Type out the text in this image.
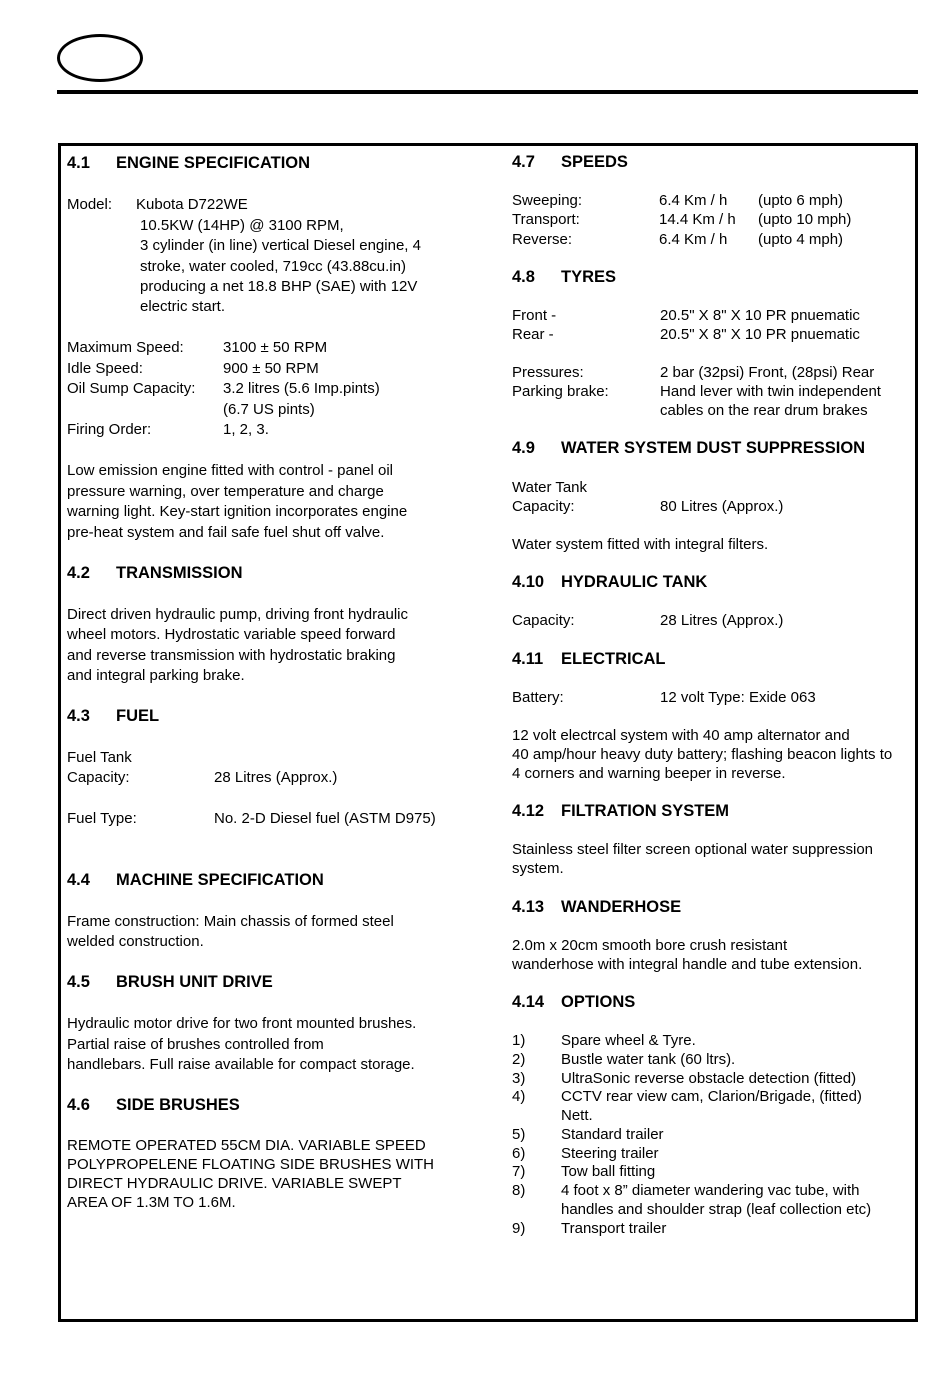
4.1 ENGINE SPECIFICATION
Model: Kubota D722WE
10.5KW (14HP) @ 3100 RPM,
3 cylinder (in line) vertical Diesel engine, 4
stroke, water cooled, 719cc (43.88cu.in)
producing a net 18.8 BHP (SAE) with 12V
electric start.
Maximum Speed:	3100 ± 50 RPM
Idle Speed:	900 ± 50 RPM
Oil Sump Capacity: 3.2 litres (5.6 Imp.pints)
(6.7 US pints)
Firing Order:	1, 2, 3.
Low emission engine fitted with control - panel oil
pressure warning, over temperature and charge
warning light. Key-start ignition incorporates engine
pre-heat system and fail safe fuel shut off valve.
4.2 TRANSMISSION
Direct driven hydraulic pump, driving front hydraulic
wheel motors. Hydrostatic variable speed forward
and reverse transmission with hydrostatic braking
and integral parking brake.
4.3 FUEL
Fuel Tank
Capacity:	28 Litres (Approx.)
Fuel Type:	No. 2-D Diesel fuel (ASTM D975)
4.4 MACHINE SPECIFICATION
Frame construction: Main chassis of formed steel
welded construction.
4.5 BRUSH UNIT DRIVE
Hydraulic motor drive for two front mounted brushes.
Partial raise of brushes controlled from
handlebars. Full raise available for compact storage.
4.6 SIDE BRUSHES
REMOTE OPERATED 55CM DIA. VARIABLE SPEED
POLYPROPELENE FLOATING SIDE BRUSHES WITH
DIRECT HYDRAULIC DRIVE. VARIABLE SWEPT
AREA OF 1.3M TO 1.6M.
4.7 SPEEDS
Sweeping:	6.4 Km / h (upto 6 mph)
Transport:	14.4 Km / h (upto 10 mph)
Reverse:	6.4 Km / h (upto 4 mph)
4.8 TYRES
Front -	20.5" X 8" X 10 PR pnuematic
Rear -	20.5" X 8" X 10 PR pnuematic
Pressures:	2 bar (32psi) Front, (28psi) Rear
Parking brake:	Hand lever with twin independent
cables on the rear drum brakes
4.9 WATER SYSTEM DUST SUPPRESSION
Water Tank
Capacity:	80 Litres (Approx.)
Water system fitted with integral filters.
4.10 HYDRAULIC TANK
Capacity:	28 Litres (Approx.)
4.11 ELECTRICAL
Battery:	12 volt Type: Exide 063
12 volt electrcal system with 40 amp alternator and
40 amp/hour heavy duty battery; flashing beacon lights to
4 corners and warning beeper in reverse.
4.12 FILTRATION SYSTEM
Stainless steel filter screen optional water suppression
system.
4.13 WANDERHOSE
2.0m x 20cm smooth bore crush resistant
wanderhose with integral handle and tube extension.
4.14 OPTIONS
1) Spare wheel & Tyre.
2) Bustle water tank (60 ltrs).
3) UltraSonic reverse obstacle detection (fitted)
4) CCTV rear view cam, Clarion/Brigade, (fitted)
Nett.
5) Standard trailer
6) Steering trailer
7) Tow ball fitting
8) 4 foot x 8” diameter wandering vac tube, with
handles and shoulder strap (leaf collection etc)
9) Transport trailer
